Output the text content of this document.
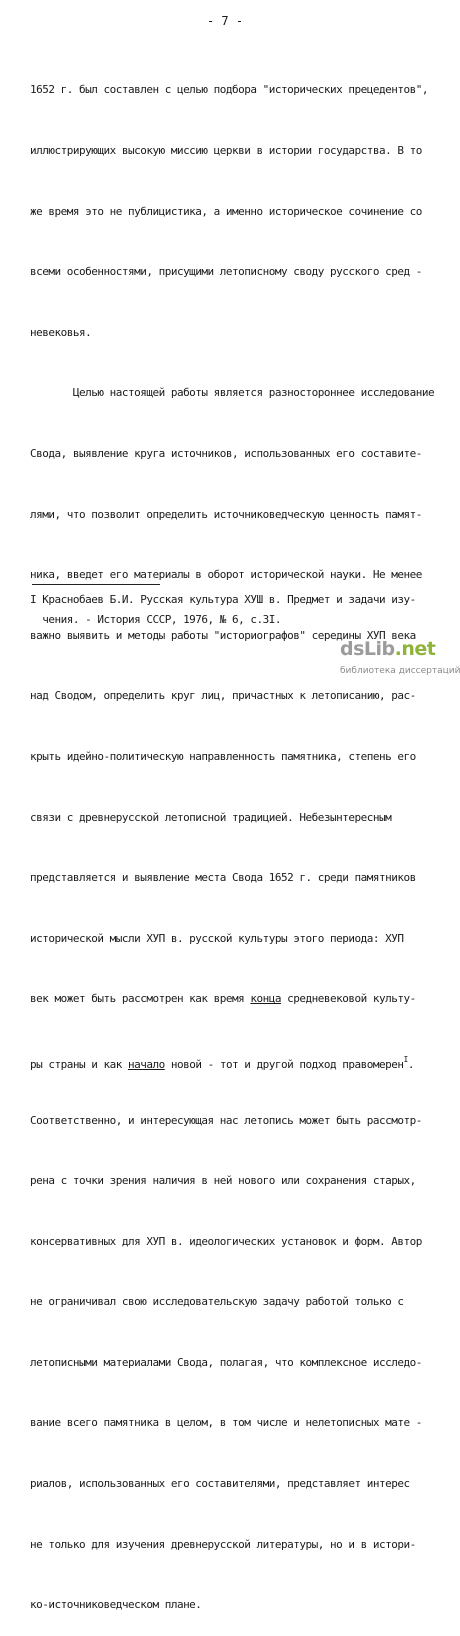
- 7 -

1652 г. был составлен с целью подбора "исторических прецедентов",

иллюстрирующих высокую миссию церкви в истории государства. В то

же время это не публицистика, а именно историческое сочинение со

всеми особенностями, присущими летописному своду русского сред -

невековья.

Целью настоящей работы является разностороннее исследование

Свода, выявление круга источников, использованных его составите-

лями, что позволит определить источниковедческую ценность памят-

ника, введет его материалы в оборот исторической науки. Не менее

важно выявить и методы работы "историографов" середины ХУП века

над Сводом, определить круг лиц, причастных к летописанию, рас-

крыть идейно-политическую направленность памятника, степень его

связи с древнерусской летописной традицией. Небезынтересным

представляется и выявление места Свода 1652 г. среди памятников

исторической мысли ХУП в. русской культуры этого периода: ХУП

век может быть рассмотрен как время конца средневековой культу-

ры страны и как начало новой - тот и другой подход правомерен$^I$.

Соответственно, и интересующая нас летопись может быть рассмотр-

рена с точки зрения наличия в ней нового или сохранения старых,

консервативных для ХУП в. идеологических установок и форм. Автор

не ограничивал свою исследовательскую задачу работой только с

летописными материалами Свода, полагая, что комплексное исследо-

вание всего памятника в целом, в том числе и нелетописных мате -

риалов, использованных его составителями, представляет интерес

не только для изучения древнерусской литературы, но и в истори-

ко-источниковедческом плане.

I Краснобаев Б.И. Русская культура ХУШ в. Предмет и задачи изу-
чения. - История СССР, 1976, № 6, с.3I.
dsLib.net
библиотека диссертаций
